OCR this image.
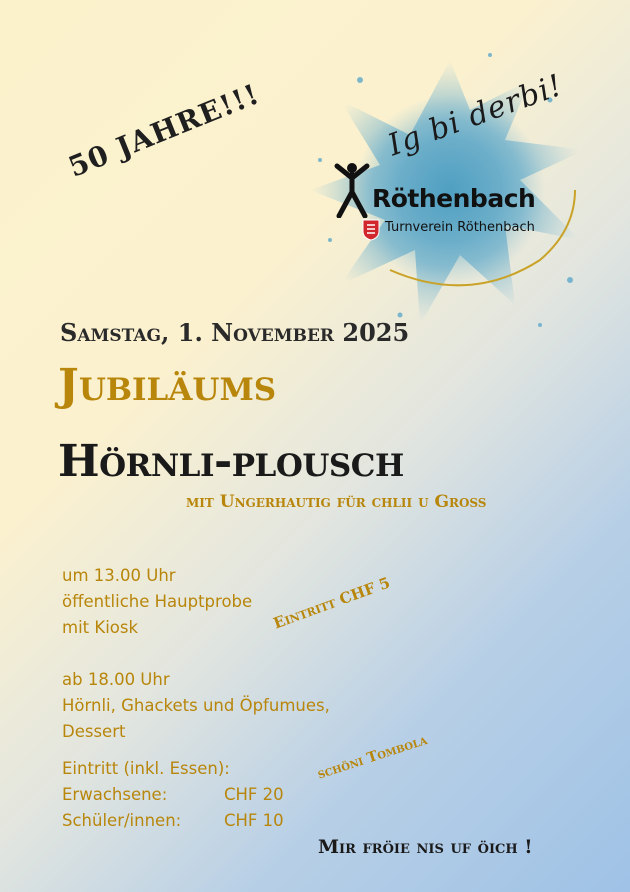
Ig bi derbi!
Röthenbach
Turnverein Röthenbach
50 JAHRE!!!
Samstag, 1. November 2025
Jubiläums
Hörnli-plousch
mit Ungerhautig für chlii u Gross
um 13.00 Uhr
öffentliche Hauptprobe
mit Kiosk
ab 18.00 Uhr
Hörnli, Ghackets und Öpfumues,
Dessert
Eintritt (inkl. Essen):
Erwachsene:	CHF 20
Schüler/innen:	CHF 10
Eintritt CHF 5
schöni Tombola
Mir fröie nis uf öich !
